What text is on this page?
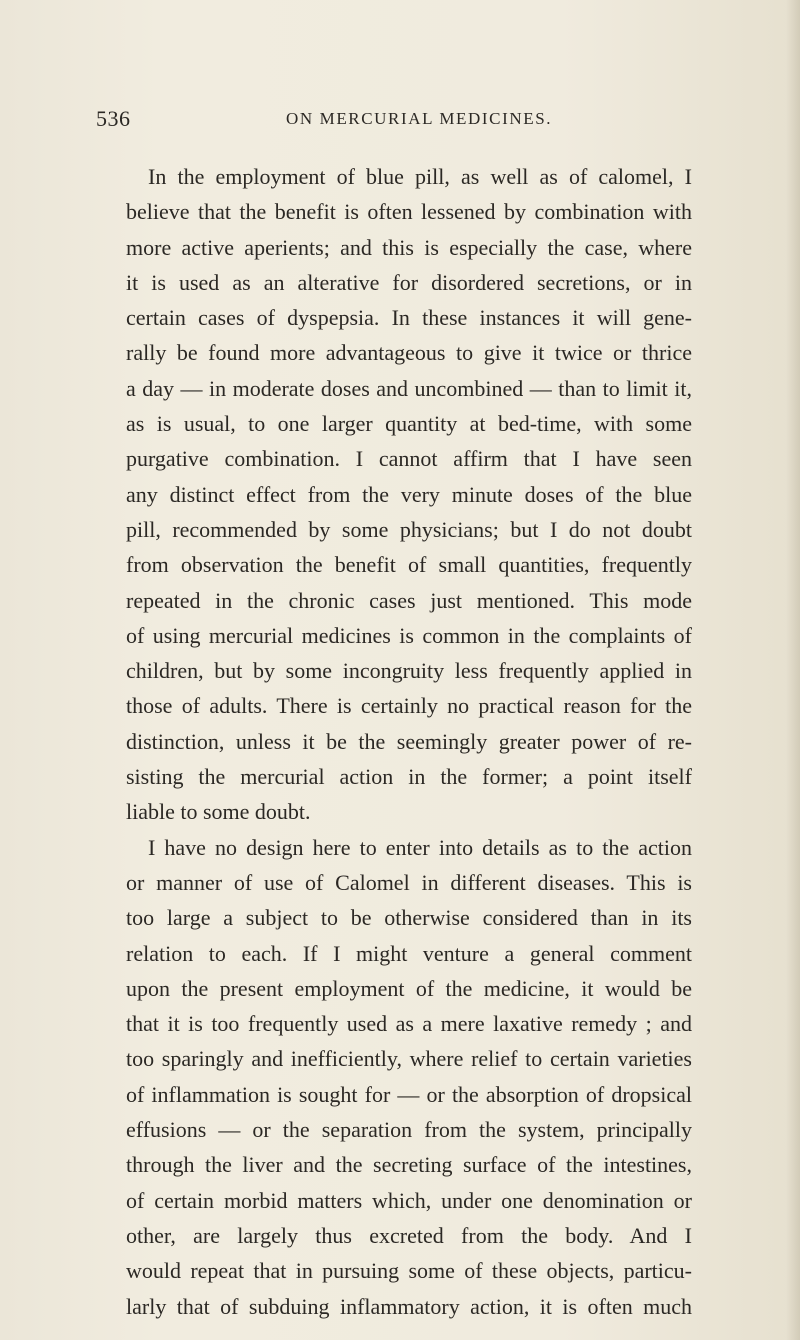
536	ON MERCURIAL MEDICINES.
In the employment of blue pill, as well as of calomel, I
believe that the benefit is often lessened by combination with
more active aperients; and this is especially the case, where
it is used as an alterative for disordered secretions, or in
certain cases of dyspepsia. In these instances it will gene-
rally be found more advantageous to give it twice or thrice
a day — in moderate doses and uncombined — than to limit it,
as is usual, to one larger quantity at bed-time, with some
purgative combination. I cannot affirm that I have seen
any distinct effect from the very minute doses of the blue
pill, recommended by some physicians; but I do not doubt
from observation the benefit of small quantities, frequently
repeated in the chronic cases just mentioned. This mode
of using mercurial medicines is common in the complaints of
children, but by some incongruity less frequently applied in
those of adults. There is certainly no practical reason for the
distinction, unless it be the seemingly greater power of re-
sisting the mercurial action in the former; a point itself
liable to some doubt.
I have no design here to enter into details as to the action
or manner of use of Calomel in different diseases. This is
too large a subject to be otherwise considered than in its
relation to each. If I might venture a general comment
upon the present employment of the medicine, it would be
that it is too frequently used as a mere laxative remedy ; and
too sparingly and inefficiently, where relief to certain varieties
of inflammation is sought for — or the absorption of dropsical
effusions — or the separation from the system, principally
through the liver and the secreting surface of the intestines,
of certain morbid matters which, under one denomination or
other, are largely thus excreted from the body. And I
would repeat that in pursuing some of these objects, particu-
larly that of subduing inflammatory action, it is often much
